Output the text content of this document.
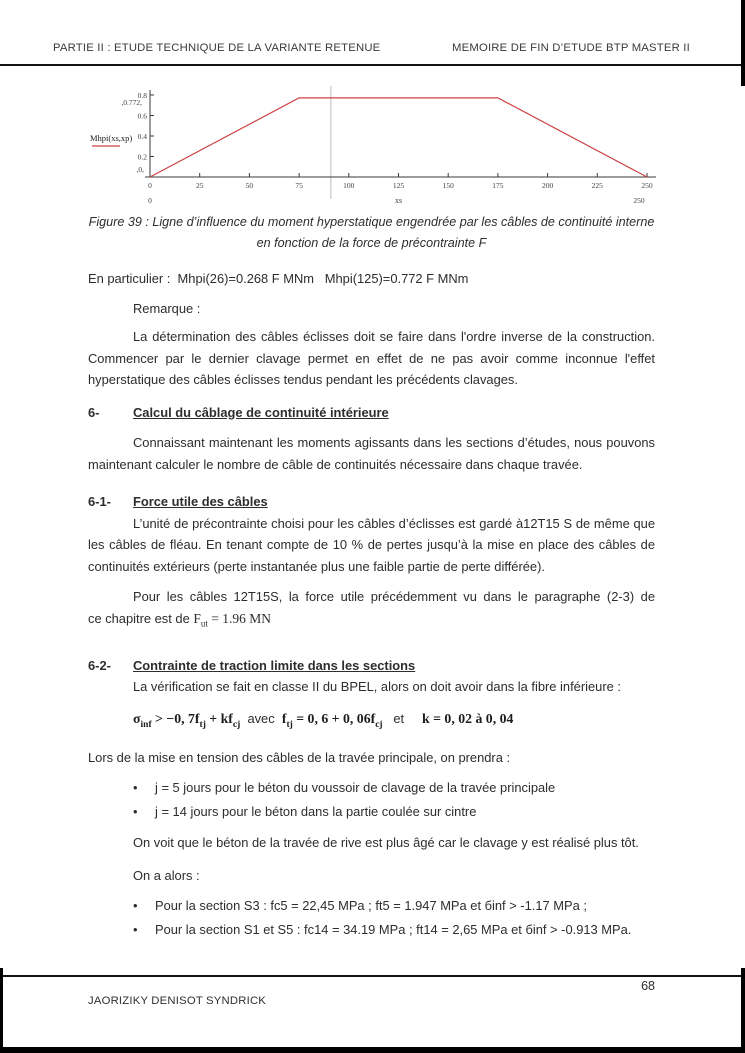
PARTIE II : ETUDE TECHNIQUE DE LA VARIANTE RETENUE	MEMOIRE DE FIN D’ETUDE BTP MASTER II
0	25	50	75	100	125	150	175	200	225	250
0.2
0.4
0.6
0.8
,0.772,
,0,
0	xs	250
Mhpi(xs,xp)

Figure 39 : Ligne d’influence du moment hyperstatique engendrée par les câbles de continuité interne en fonction de la force de précontrainte F

En particulier :  Mhpi(26)=0.268 F MNm   Mhpi(125)=0.772 F MNm

Remarque :

La détermination des câbles éclisses doit se faire dans l'ordre inverse de la construction. Commencer par le dernier clavage permet en effet de ne pas avoir comme inconnue l'effet hyperstatique des câbles éclisses tendus pendant les précédents clavages.

6-	Calcul du câblage de continuité intérieure

Connaissant maintenant les moments agissants dans les sections d’études, nous pouvons maintenant calculer le nombre de câble de continuités nécessaire dans chaque travée.

6-1- Force utile des câbles

L’unité de précontrainte choisi pour les câbles d’éclisses est gardé à12T15 S de même que les câbles de fléau. En tenant compte de 10 % de pertes jusqu’à la mise en place des câbles de continuités extérieurs (perte instantanée plus une faible partie de perte différée).

Pour les câbles 12T15S, la force utile précédemment vu dans le paragraphe (2-3) de

ce chapitre est de $F_{ut} = 1.96$ MN

6-2- Contrainte de traction limite dans les sections

La vérification se fait en classe II du BPEL, alors on doit avoir dans la fibre inférieure :

$\sigma_{inf} > -0$, $7f_{tj} + kf_{cj}$  avec  $f_{tj} = 0$, 6 + 0, $06f_{cj}$   et     k = 0, 02 à 0, 04

Lors de la mise en tension des câbles de la travée principale, on prendra :

•	j = 5 jours pour le béton du voussoir de clavage de la travée principale
•	j = 14 jours pour le béton dans la partie coulée sur cintre

On voit que le béton de la travée de rive est plus âgé car le clavage y est réalisé plus tôt.

On a alors :

•	Pour la section S3 : fc5 = 22,45 MPa ; ft5 = 1.947 MPa et бinf > -1.17 MPa ;
•	Pour la section S1 et S5 : fc14 = 34.19 MPa ; ft14 = 2,65 MPa et бinf > -0.913 MPa.
68
JAORIZIKY DENISOT SYNDRICK
